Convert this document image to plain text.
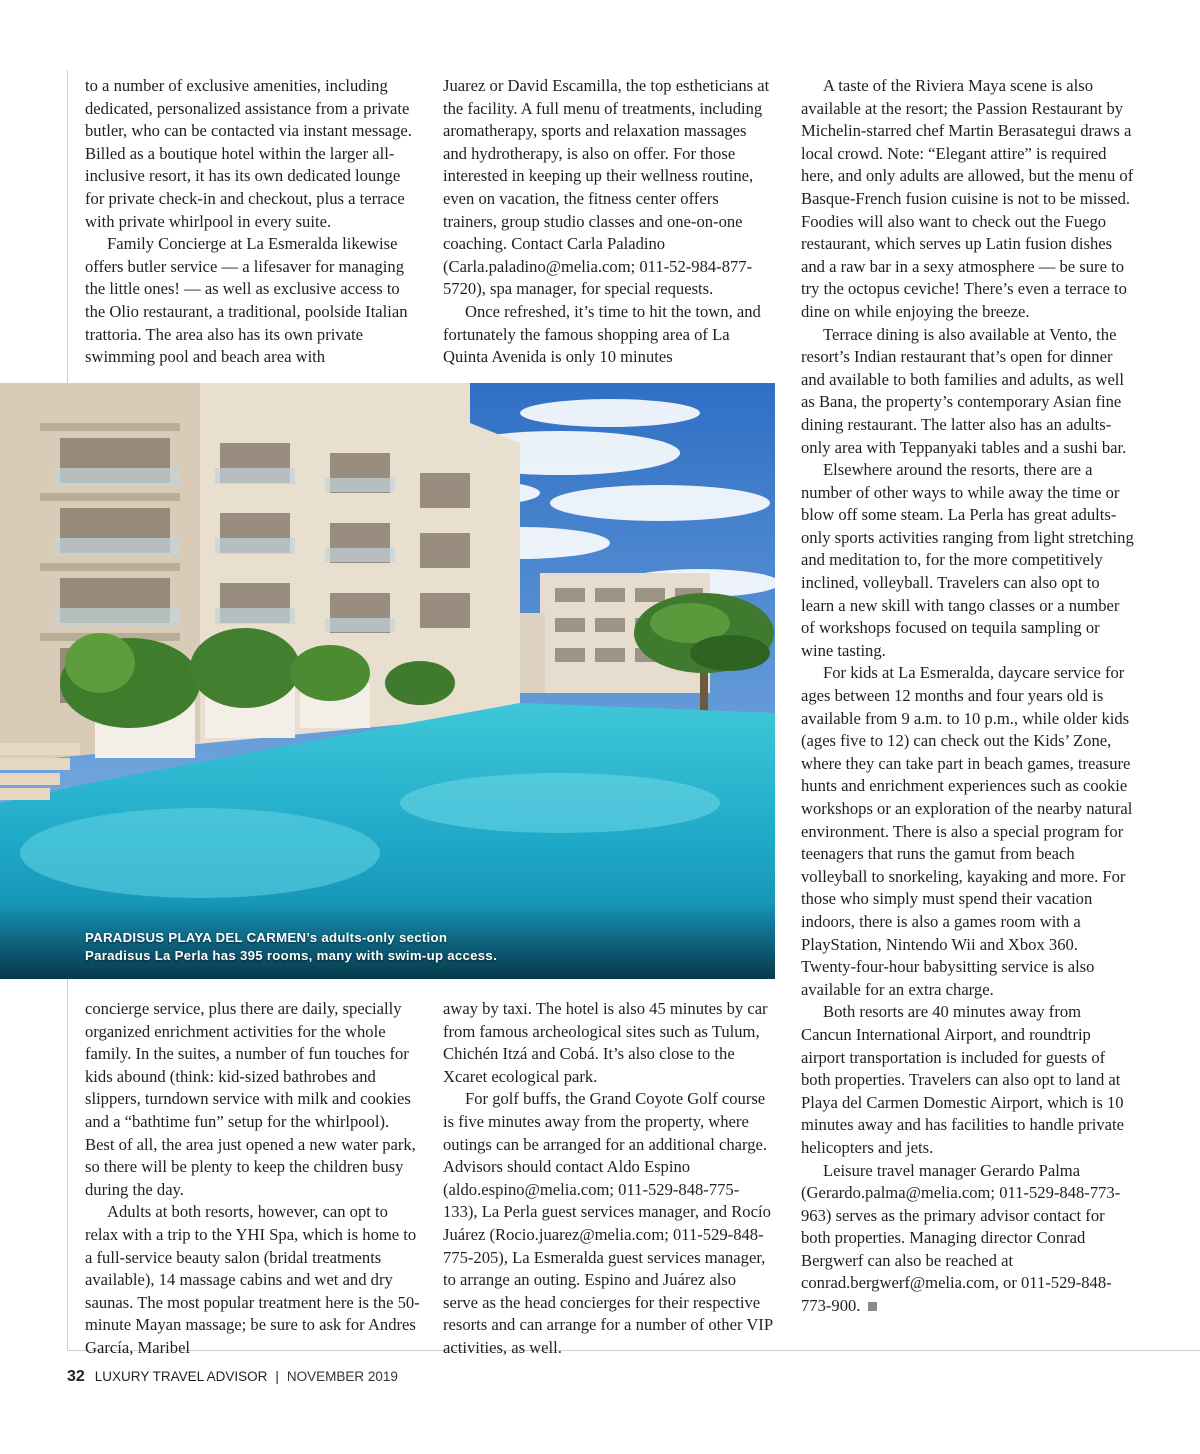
to a number of exclusive amenities, including dedicated, personalized assistance from a private butler, who can be contacted via instant message. Billed as a boutique hotel within the larger all-inclusive resort, it has its own dedicated lounge for private check-in and checkout, plus a terrace with private whirlpool in every suite.

Family Concierge at La Esmeralda likewise offers butler service — a lifesaver for managing the little ones! — as well as exclusive access to the Olio restaurant, a traditional, poolside Italian trattoria. The area also has its own private swimming pool and beach area with

Juarez or David Escamilla, the top estheticians at the facility. A full menu of treatments, including aromatherapy, sports and relaxation massages and hydrotherapy, is also on offer. For those interested in keeping up their wellness routine, even on vacation, the fitness center offers trainers, group studio classes and one-on-one coaching. Contact Carla Paladino (Carla.paladino@melia.com; 011-52-984-877-5720), spa manager, for special requests.

Once refreshed, it’s time to hit the town, and fortunately the famous shopping area of La Quinta Avenida is only 10 minutes

PARADISUS PLAYA DEL CARMEN’s adults-only section
Paradisus La Perla has 395 rooms, many with swim-up access.

concierge service, plus there are daily, specially organized enrichment activities for the whole family. In the suites, a number of fun touches for kids abound (think: kid-sized bathrobes and slippers, turndown service with milk and cookies and a “bathtime fun” setup for the whirlpool). Best of all, the area just opened a new water park, so there will be plenty to keep the children busy during the day.

Adults at both resorts, however, can opt to relax with a trip to the YHI Spa, which is home to a full-service beauty salon (bridal treatments available), 14 massage cabins and wet and dry saunas. The most popular treatment here is the 50-minute Mayan massage; be sure to ask for Andres García, Maribel

away by taxi. The hotel is also 45 minutes by car from famous archeological sites such as Tulum, Chichén Itzá and Cobá. It’s also close to the Xcaret ecological park.

For golf buffs, the Grand Coyote Golf course is five minutes away from the property, where outings can be arranged for an additional charge. Advisors should contact Aldo Espino (aldo.espino@melia.com; 011-529-848-775-133), La Perla guest services manager, and Rocío Juárez (Rocio.juarez@melia.com; 011-529-848-775-205), La Esmeralda guest services manager, to arrange an outing. Espino and Juárez also serve as the head concierges for their respective resorts and can arrange for a number of other VIP activities, as well.

A taste of the Riviera Maya scene is also available at the resort; the Passion Restaurant by Michelin-starred chef Martin Berasategui draws a local crowd. Note: “Elegant attire” is required here, and only adults are allowed, but the menu of Basque-French fusion cuisine is not to be missed. Foodies will also want to check out the Fuego restaurant, which serves up Latin fusion dishes and a raw bar in a sexy atmosphere — be sure to try the octopus ceviche! There’s even a terrace to dine on while enjoying the breeze.

Terrace dining is also available at Vento, the resort’s Indian restaurant that’s open for dinner and available to both families and adults, as well as Bana, the property’s contemporary Asian fine dining restaurant. The latter also has an adults-only area with Teppanyaki tables and a sushi bar.

Elsewhere around the resorts, there are a number of other ways to while away the time or blow off some steam. La Perla has great adults-only sports activities ranging from light stretching and meditation to, for the more competitively inclined, volleyball. Travelers can also opt to learn a new skill with tango classes or a number of workshops focused on tequila sampling or wine tasting.

For kids at La Esmeralda, daycare service for ages between 12 months and four years old is available from 9 a.m. to 10 p.m., while older kids (ages five to 12) can check out the Kids’ Zone, where they can take part in beach games, treasure hunts and enrichment experiences such as cookie workshops or an exploration of the nearby natural environment. There is also a special program for teenagers that runs the gamut from beach volleyball to snorkeling, kayaking and more. For those who simply must spend their vacation indoors, there is also a games room with a PlayStation, Nintendo Wii and Xbox 360. Twenty-four-hour babysitting service is also available for an extra charge.

Both resorts are 40 minutes away from Cancun International Airport, and roundtrip airport transportation is included for guests of both properties. Travelers can also opt to land at Playa del Carmen Domestic Airport, which is 10 minutes away and has facilities to handle private helicopters and jets.

Leisure travel manager Gerardo Palma (Gerardo.palma@melia.com; 011-529-848-773-963) serves as the primary advisor contact for both properties. Managing director Conrad Bergwerf can also be reached at conrad.bergwerf@melia.com, or 011-529-848-773-900.

32 LUXURY TRAVEL ADVISOR | NOVEMBER 2019
